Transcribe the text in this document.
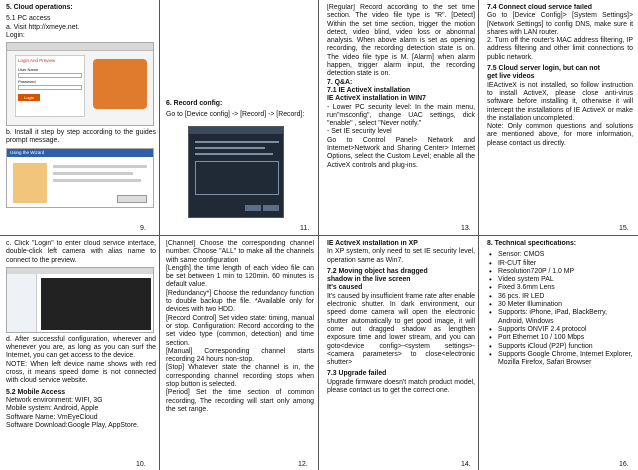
5. Cloud operations:

5.1 PC access

a. Visit http://xmeye.net.

Login:

Login And Preview
User Name
Password
Login

b. Install it step by step according to the guides prompt message.

Using the Wizard
9.

6. Record config:

Go to [Device config] -> [Record] -> [Record]:

11.

[Regular] Record according to the set time section. The video file type is "R". [Detect] Within the set time section, trigger the motion detect, video blind, video loss or abnormal analysis. When above alarm is set as opening recording, the recording detection state is on. The video file type is M. [Alarm] when alarm happen, trigger alarm input, the recording detection state is on.

7. Q&A:

7.1 IE ActiveX installation

IE ActiveX installation in WIN7

- Lower PC security level: In the main menu, run"msconfig", change UAC settings, dick "enable" , select "Never notify."
- Set IE security level
Go to Control Panel> Network and Internet>Network and Sharing Center> Internet Options, select the Custom Level; enable all the ActiveX controls and plug-ins.

13.

7.4 Connect cloud service failed

Go to [Device Config]> [System Settings]> [Network Settings] to config DNS, make sure it shares with LAN router.

2. Turn off the router's MAC address filtering, IP address filtering and other limit connections to public network.

7.5 Cloud server login, but can not

get live videos

IEActiveX is not installed, so follow instruction to install ActiveX, please close anti-virus software before installing it, otherwise it will intercept the installations of IE ActiveX or make the installation uncompleted.

Note: Only common questions and solutions are mentioned above, for more information, please contact us directly.

15.

c. Click "Login" to enter cloud service interface, double-click left camera with alias name to connect to the preview.

d. After successful configuration, wherever and whenever you are, as long as you can surf the Internet, you can get access to the device.

NOTE: When left device name shows with red cross, it means speed dome is not connected with cloud service website.

5.2 Mobile Access

Network environment: WIFI, 3G

Mobile system: Android, Apple

Software Name: VmEyeCloud

Software Download:Google Play, AppStore.

10.

[Channel] Choose the corresponding channel number. Choose "ALL" to make all the channels with same configuration
[Length] the time length of each video file can be set between 1 min to 120min. 60 minutes is default value.
[Redundancy*] Choose the redundancy function to double backup the file. *Available only for devices with two HDD.
[Record Control] Set video state: timing, manual or stop. Configuration: Record according to the set video type (common, detection) and time section.
[Manual] Corresponding channel starts recording 24 hours non-stop.
[Stop] Whatever state the channel is in, the corresponding channel recording stops when stop button is selected.
[Period] Set the time section of common recording, The recording will start only among the set range.

12.

IE ActiveX installation in XP

In XP system, only need to set IE security level, operation same as Win7.

7.2 Moving object has dragged

shadow in the live screen

It's caused

It's caused by insufficient frame rate after enable electronic shutter. In dark environment, our speed dome camera will open the electronic shutter automatically to get good image, it will come out dragged shadow as lengthen exposure time and lower stream, and you can goto<device config>-<system settings>-<camera parameters> to close<electronic shutter>

7.3 Upgrade failed

Upgrade firmware doesn't match product model, please contact us to get the correct one.

14.

8. Technical specifications:

• Sensor: CMOS
• IR-CUT filter
• Resolution720P / 1.0 MP
• Video system PAL
• Fixed 3.6mm Lens
• 36 pcs. IR LED
• 30 Meter Illumination
• Supports: iPhone, iPad, BlackBerry, Android, Windows
• Supports ONVIF 2.4 protocol
• Port Ethernet 10 / 100 Mbps
• Supports iCloud (P2P) function
• Supports Google Chrome, Internet Explorer, Mozilla Firefox, Safari Browser
16.
